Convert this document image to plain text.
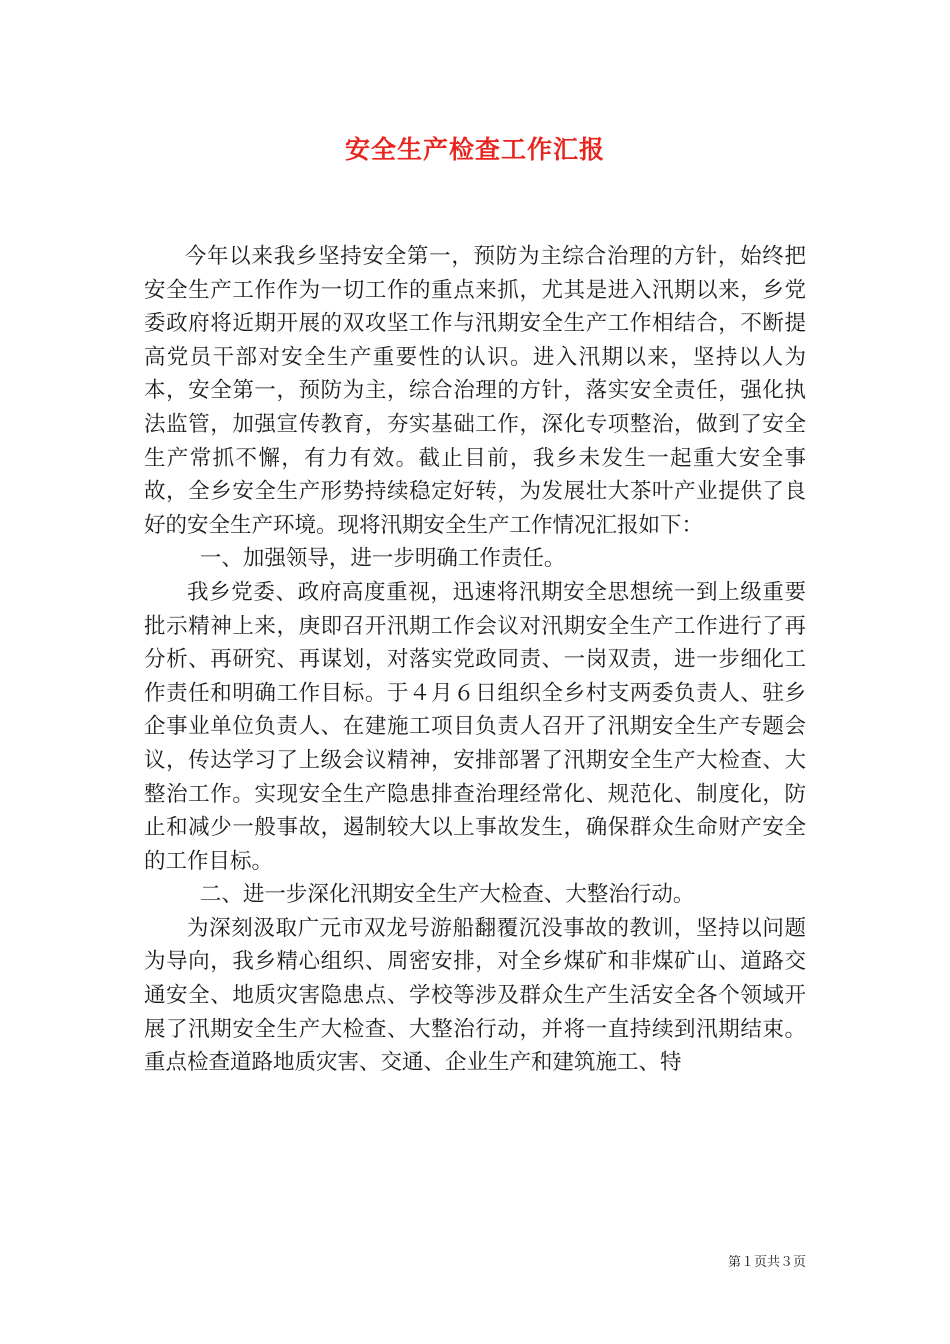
安全生产检查工作汇报

今年以来我乡坚持安全第一，预防为主综合治理的方针，始终把安全生产工作作为一切工作的重点来抓，尤其是进入汛期以来，乡党委政府将近期开展的双攻坚工作与汛期安全生产工作相结合，不断提高党员干部对安全生产重要性的认识。进入汛期以来，坚持以人为本，安全第一，预防为主，综合治理的方针，落实安全责任，强化执法监管，加强宣传教育，夯实基础工作，深化专项整治，做到了安全生产常抓不懈，有力有效。截止目前，我乡未发生一起重大安全事故，全乡安全生产形势持续稳定好转，为发展壮大茶叶产业提供了良好的安全生产环境。现将汛期安全生产工作情况汇报如下：

一、加强领导，进一步明确工作责任。

我乡党委、政府高度重视，迅速将汛期安全思想统一到上级重要批示精神上来，庚即召开汛期工作会议对汛期安全生产工作进行了再分析、再研究、再谋划，对落实党政同责、一岗双责，进一步细化工作责任和明确工作目标。于４月６日组织全乡村支两委负责人、驻乡企事业单位负责人、在建施工项目负责人召开了汛期安全生产专题会议，传达学习了上级会议精神，安排部署了汛期安全生产大检查、大整治工作。实现安全生产隐患排查治理经常化、规范化、制度化，防止和减少一般事故，遏制较大以上事故发生，确保群众生命财产安全的工作目标。

二、进一步深化汛期安全生产大检查、大整治行动。

为深刻汲取广元市双龙号游船翻覆沉没事故的教训，坚持以问题为导向，我乡精心组织、周密安排，对全乡煤矿和非煤矿山、道路交通安全、地质灾害隐患点、学校等涉及群众生产生活安全各个领域开展了汛期安全生产大检查、大整治行动，并将一直持续到汛期结束。重点检查道路地质灾害、交通、企业生产和建筑施工、特

第１页共３页
